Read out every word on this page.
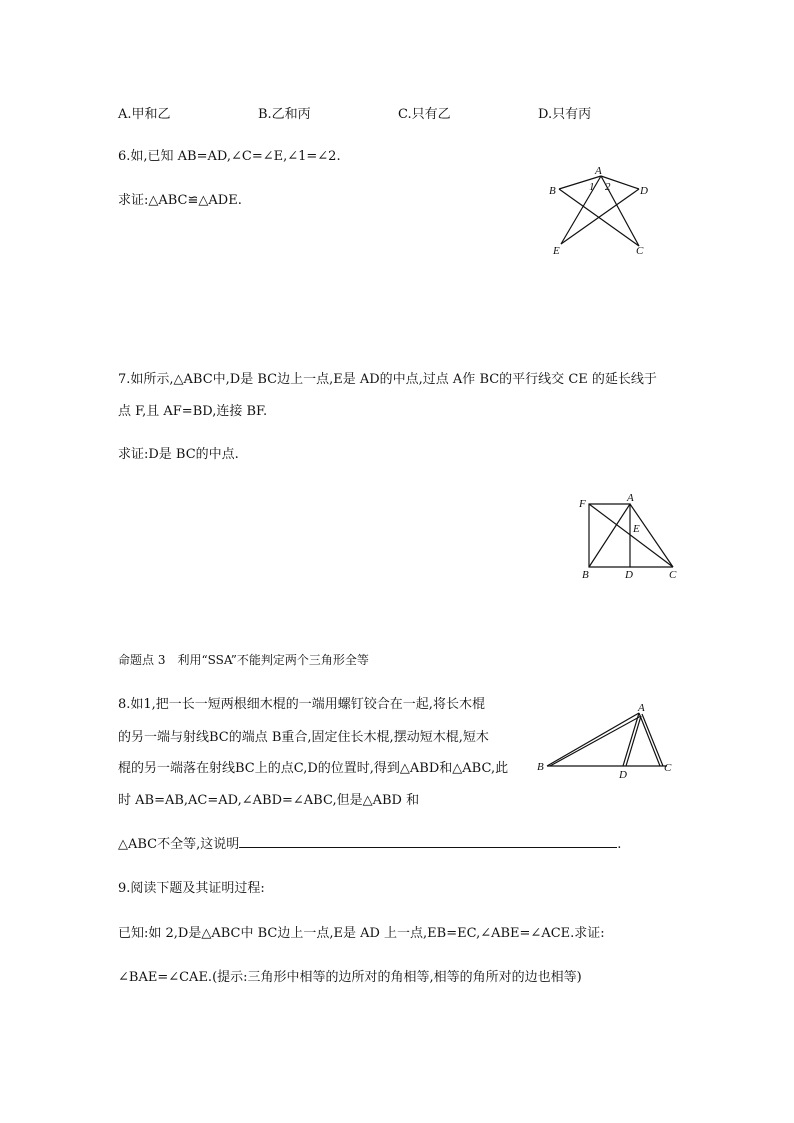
A.甲和乙	B.乙和丙	C.只有乙	D.只有丙
6.如,已知 AB=AD,∠C=∠E,∠1=∠2.
求证:△ABC≌△ADE.
A
B	D
E	C
1 2
7.如所示,△ABC中,D是 BC边上一点,E是 AD的中点,过点 A作 BC的平行线交 CE 的延长线于
点 F,且 AF=BD,连接 BF.
求证:D是 BC的中点.
F	A
E
B	D	C
命题点 3　利用“SSA”不能判定两个三角形全等
8.如1,把一长一短两根细木棍的一端用螺钉铰合在一起,将长木棍
的另一端与射线BC的端点 B重合,固定住长木棍,摆动短木棍,短木
棍的另一端落在射线BC上的点C,D的位置时,得到△ABD和△ABC,此
时 AB=AB,AC=AD,∠ABD=∠ABC,但是△ABD 和
△ABC不全等,这说明	.
A
B
D
C
9.阅读下题及其证明过程:
已知:如 2,D是△ABC中 BC边上一点,E是 AD 上一点,EB=EC,∠ABE=∠ACE.求证:
∠BAE=∠CAE.(提示:三角形中相等的边所对的角相等,相等的角所对的边也相等)
